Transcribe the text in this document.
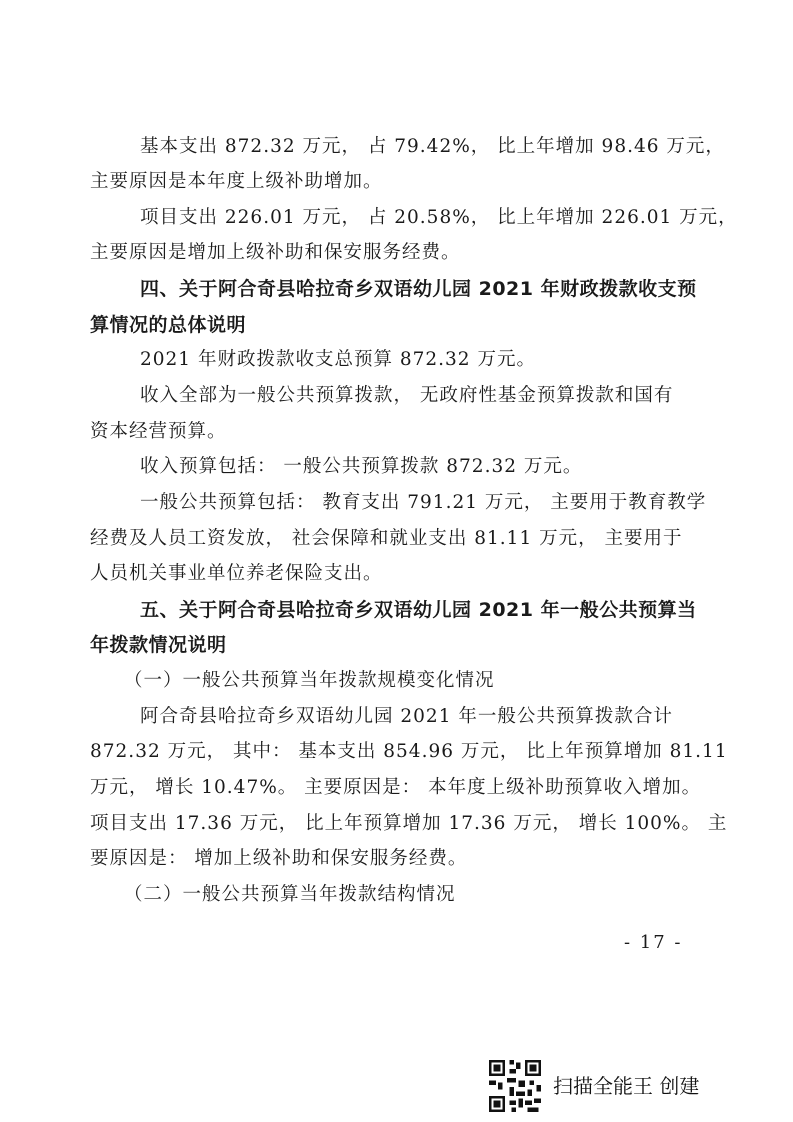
基本支出 872.32 万元， 占 79.42%， 比上年增加 98.46 万元，
主要原因是本年度上级补助增加。
项目支出 226.01 万元， 占 20.58%， 比上年增加 226.01 万元，
主要原因是增加上级补助和保安服务经费。
四、关于阿合奇县哈拉奇乡双语幼儿园 2021 年财政拨款收支预
算情况的总体说明
2021 年财政拨款收支总预算 872.32 万元。
收入全部为一般公共预算拨款， 无政府性基金预算拨款和国有
资本经营预算。
收入预算包括： 一般公共预算拨款 872.32 万元。
一般公共预算包括： 教育支出 791.21 万元， 主要用于教育教学
经费及人员工资发放， 社会保障和就业支出 81.11 万元， 主要用于
人员机关事业单位养老保险支出。
五、关于阿合奇县哈拉奇乡双语幼儿园 2021 年一般公共预算当
年拨款情况说明
（一）一般公共预算当年拨款规模变化情况
阿合奇县哈拉奇乡双语幼儿园 2021 年一般公共预算拨款合计
872.32 万元， 其中： 基本支出 854.96 万元， 比上年预算增加 81.11
万元， 增长 10.47%。 主要原因是： 本年度上级补助预算收入增加。
项目支出 17.36 万元， 比上年预算增加 17.36 万元， 增长 100%。 主
要原因是： 增加上级补助和保安服务经费。
（二）一般公共预算当年拨款结构情况
- 17 -
扫描全能王 创建
